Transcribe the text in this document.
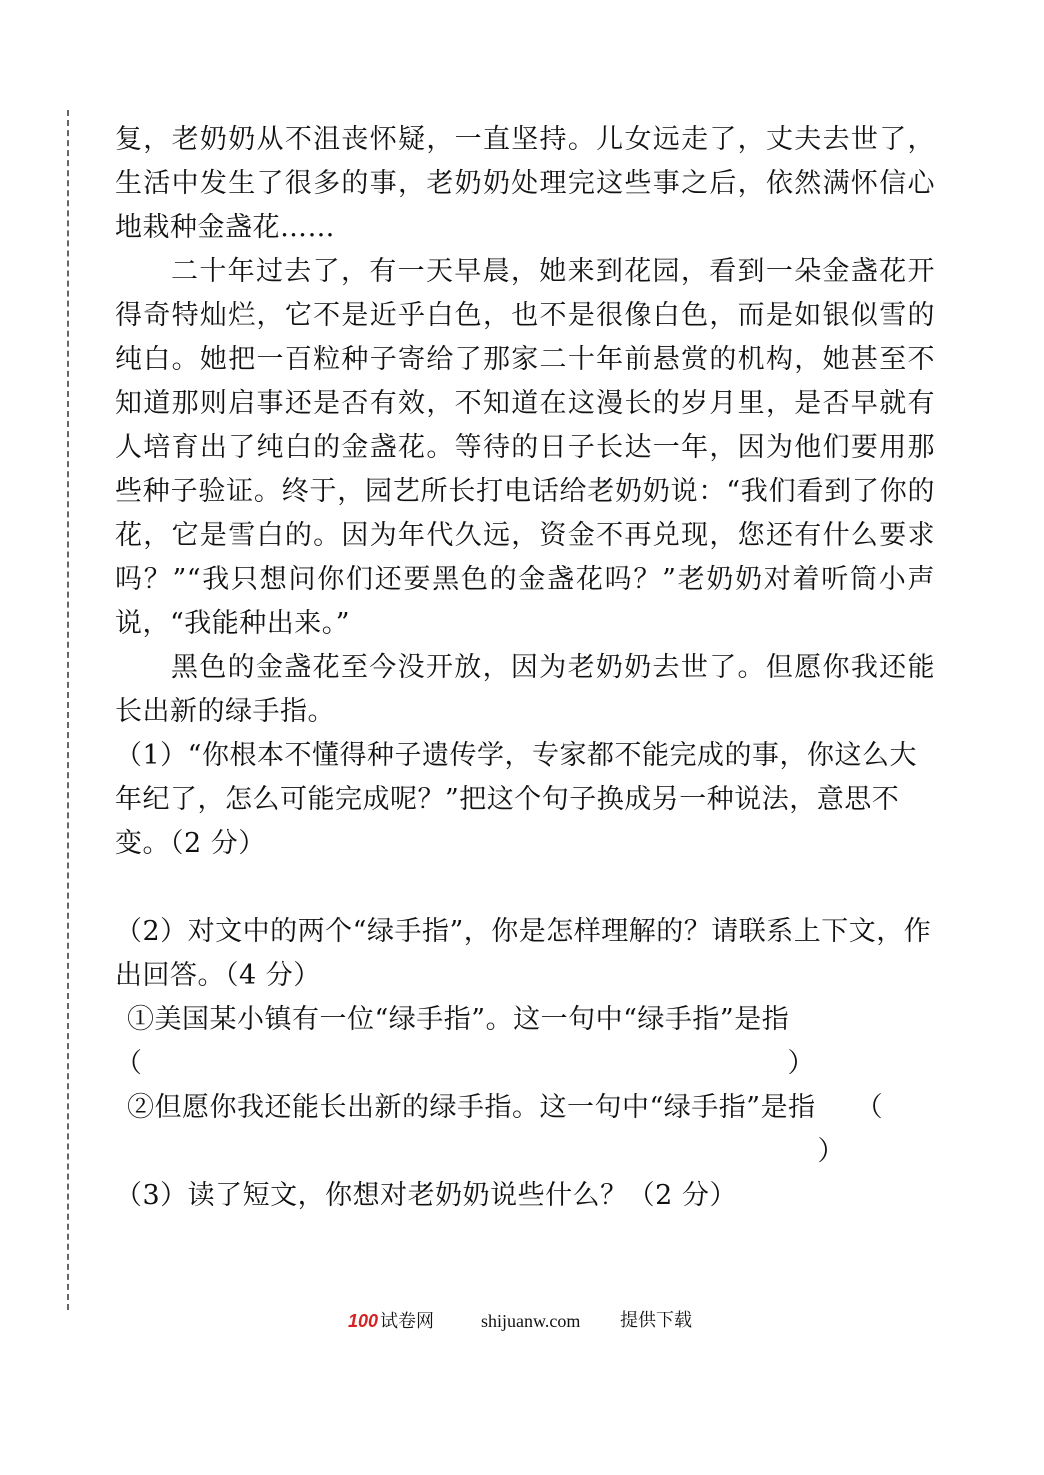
复，老奶奶从不沮丧怀疑，一直坚持。儿女远走了，丈夫去世了，生活中发生了很多的事，老奶奶处理完这些事之后，依然满怀信心地栽种金盏花……

二十年过去了，有一天早晨，她来到花园，看到一朵金盏花开得奇特灿烂，它不是近乎白色，也不是很像白色，而是如银似雪的纯白。她把一百粒种子寄给了那家二十年前悬赏的机构，她甚至不知道那则启事还是否有效，不知道在这漫长的岁月里，是否早就有人培育出了纯白的金盏花。等待的日子长达一年，因为他们要用那些种子验证。终于，园艺所长打电话给老奶奶说：“我们看到了你的花，它是雪白的。因为年代久远，资金不再兑现，您还有什么要求吗？”“我只想问你们还要黑色的金盏花吗？”老奶奶对着听筒小声说，“我能种出来。”

黑色的金盏花至今没开放，因为老奶奶去世了。但愿你我还能长出新的绿手指。

（1）“你根本不懂得种子遗传学，专家都不能完成的事，你这么大年纪了，怎么可能完成呢？”把这个句子换成另一种说法，意思不变。（2 分）

（2）对文中的两个“绿手指”，你是怎样理解的？请联系上下文，作出回答。（4 分）

①美国某小镇有一位“绿手指”。这一句中“绿手指”是指

（	）

②但愿你我还能长出新的绿手指。这一句中“绿手指”是指 （

）

（3）读了短文，你想对老奶奶说些什么？（2 分）

100 试卷网	shijuanw.com 提供下载
